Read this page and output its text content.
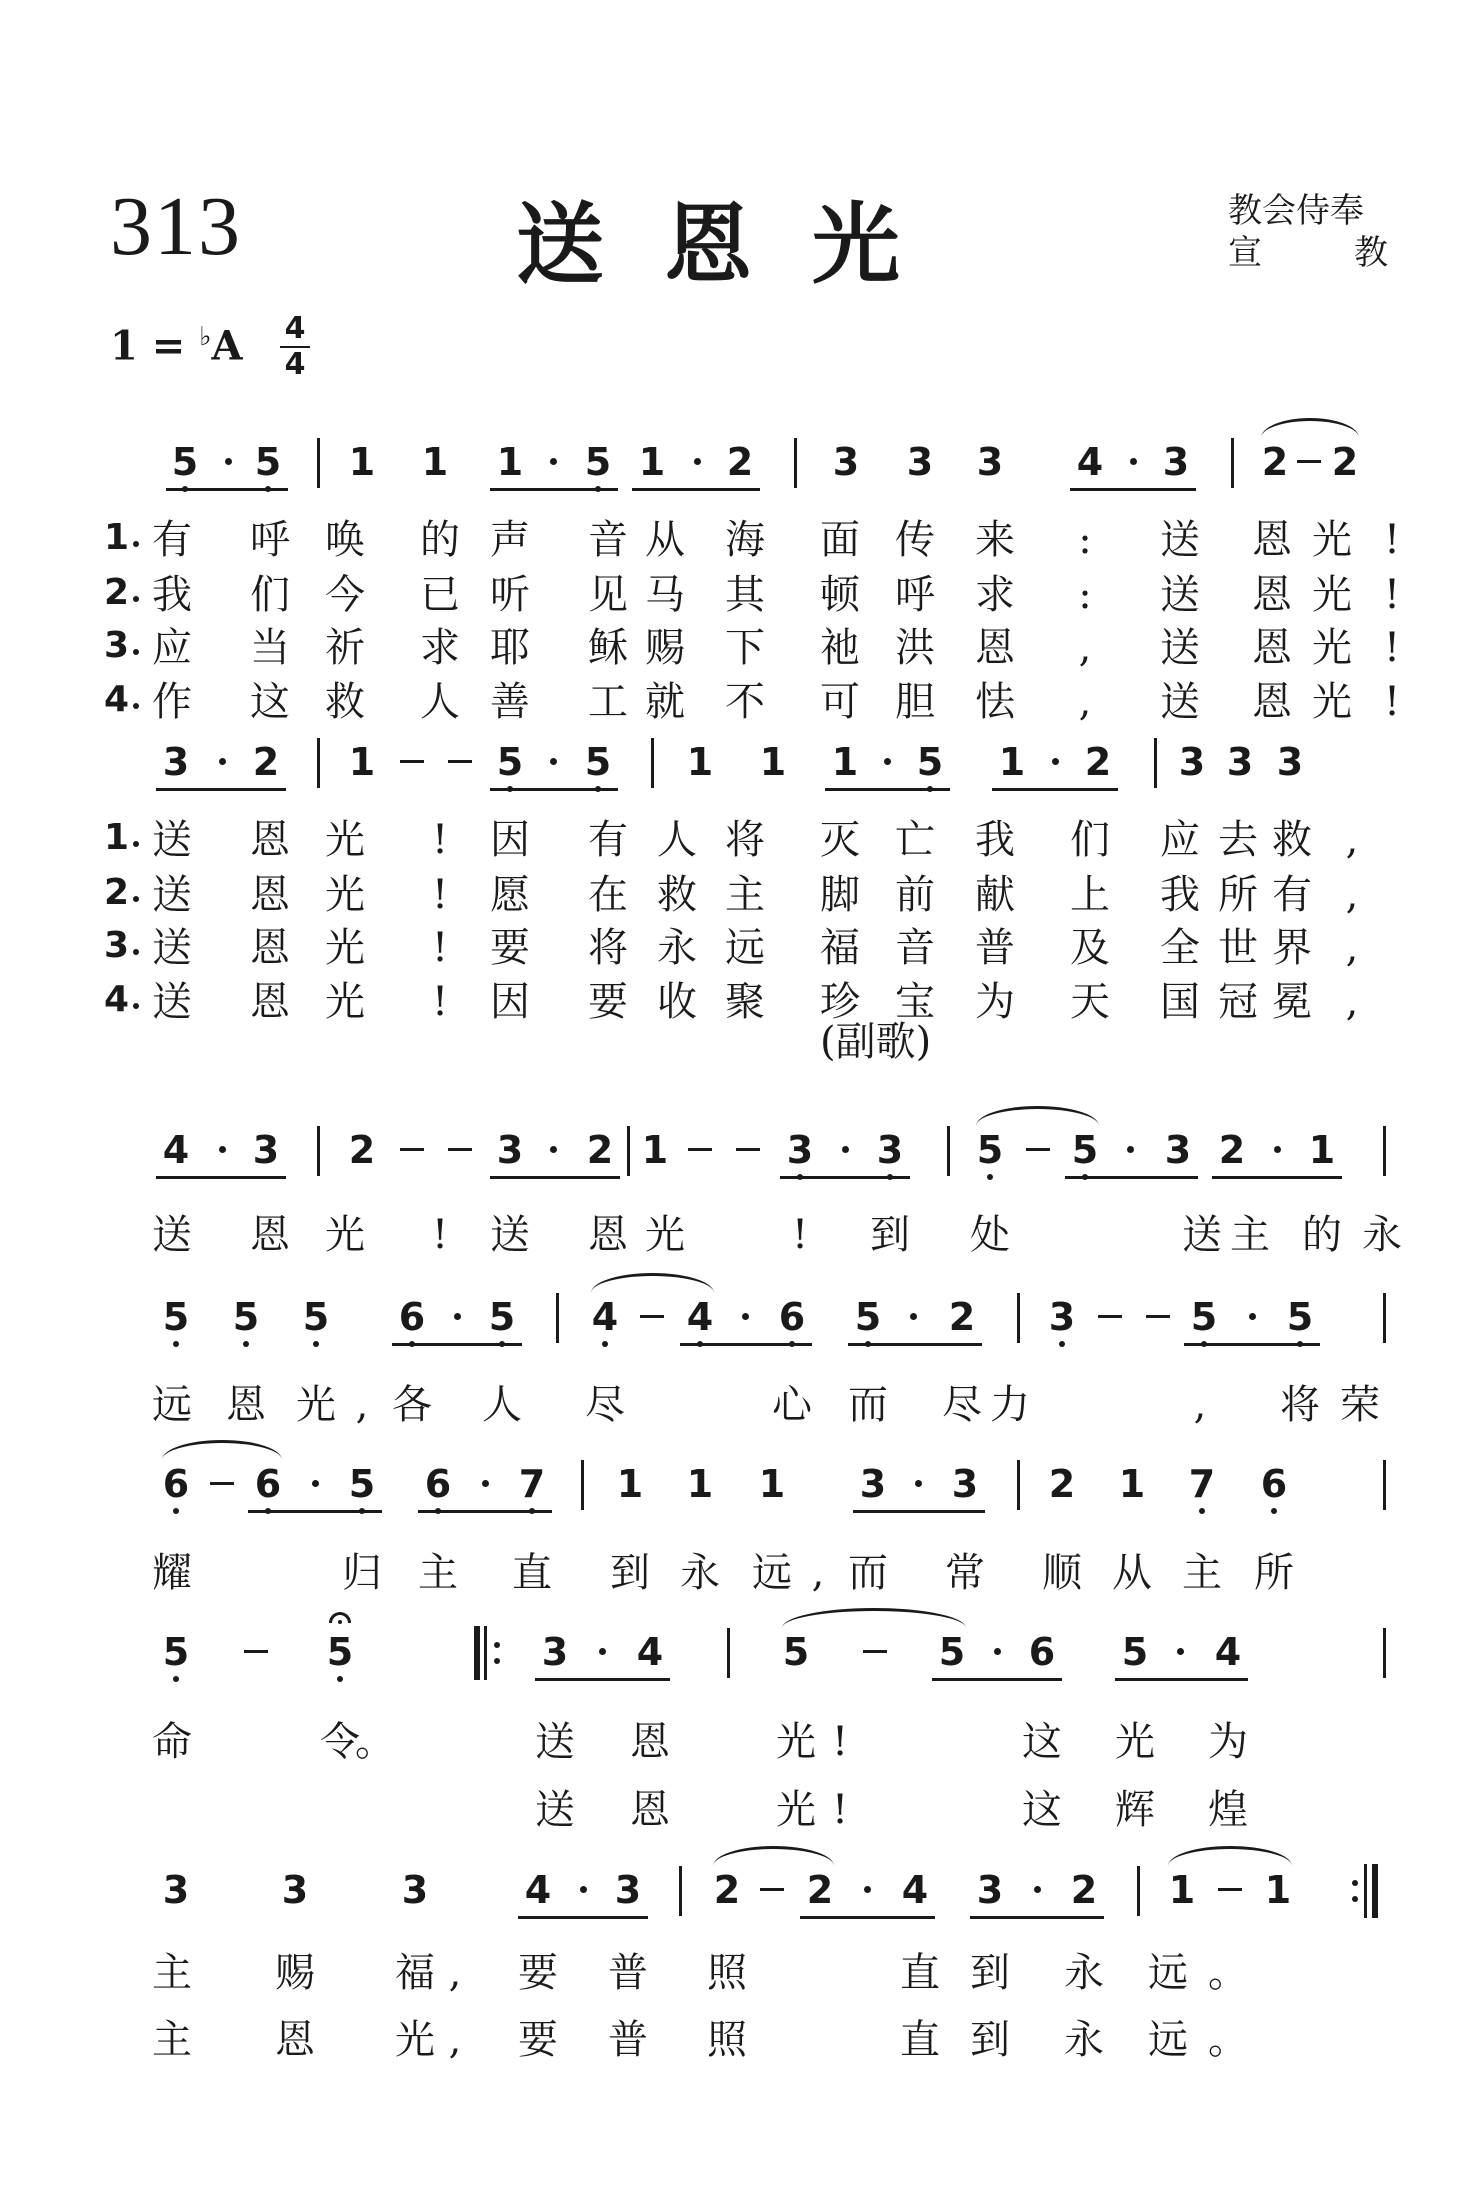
313	送恩光	教会侍奉
宣	教
1 = ♭A 4
4
(副歌)
5 5 1 1 1 5 1 2 3 3 3 4 3 2 2
3 2 1	5 5 1 1 1 5 1 2 3 3 3
4 3 2	3 2 1	3 3 5 5 3 2 1
5 5 5 6 5 4 4 6 5 2 3	5 5
6 6 5 6 7 1 1 1 3 3 2 1 7 6
5	5	3 4	5	5 6 5 4
3 3 3	4 3 2 2 4 3 2 1 1
1 有 呼 唤 的 声 音 从 海 面 传 来	:	送 恩 光 !
2 我 们 今 已 听 见 马 其 顿 呼 求	:	送 恩 光 !
3 应 当 祈 求 耶 稣 赐 下 祂 洪 恩	,	送 恩 光 !
4 作 这 救 人 善 工 就 不 可 胆 怯	,	送 恩 光 !
1 送 恩 光	!	因 有 人 将 灭 亡 我 们 应 去 救 ,
2 送 恩 光	!	愿 在 救 主 脚 前 献 上 我 所 有 ,
3 送 恩 光	!	要 将 永 远 福 音 普 及 全 世 界 ,
4 送 恩 光	!	因 要 收 聚 珍 宝 为 天 国 冠 冕 ,
送 恩 光	!	送 恩 光	!	到 处	送 主 的 永
远 恩 光 , 各 人 尽	心 而 尽 力	,	将 荣
耀	归 主 直 到 永 远 , 而 常 顺 从 主 所
命	令
。	送 恩	光 !	这 光 为
送 恩	光 !	这 辉 煌
主 赐 福 ,	要 普 照	直 到 永 远 。
主 恩 光 ,	要 普 照	直 到 永 远 。
